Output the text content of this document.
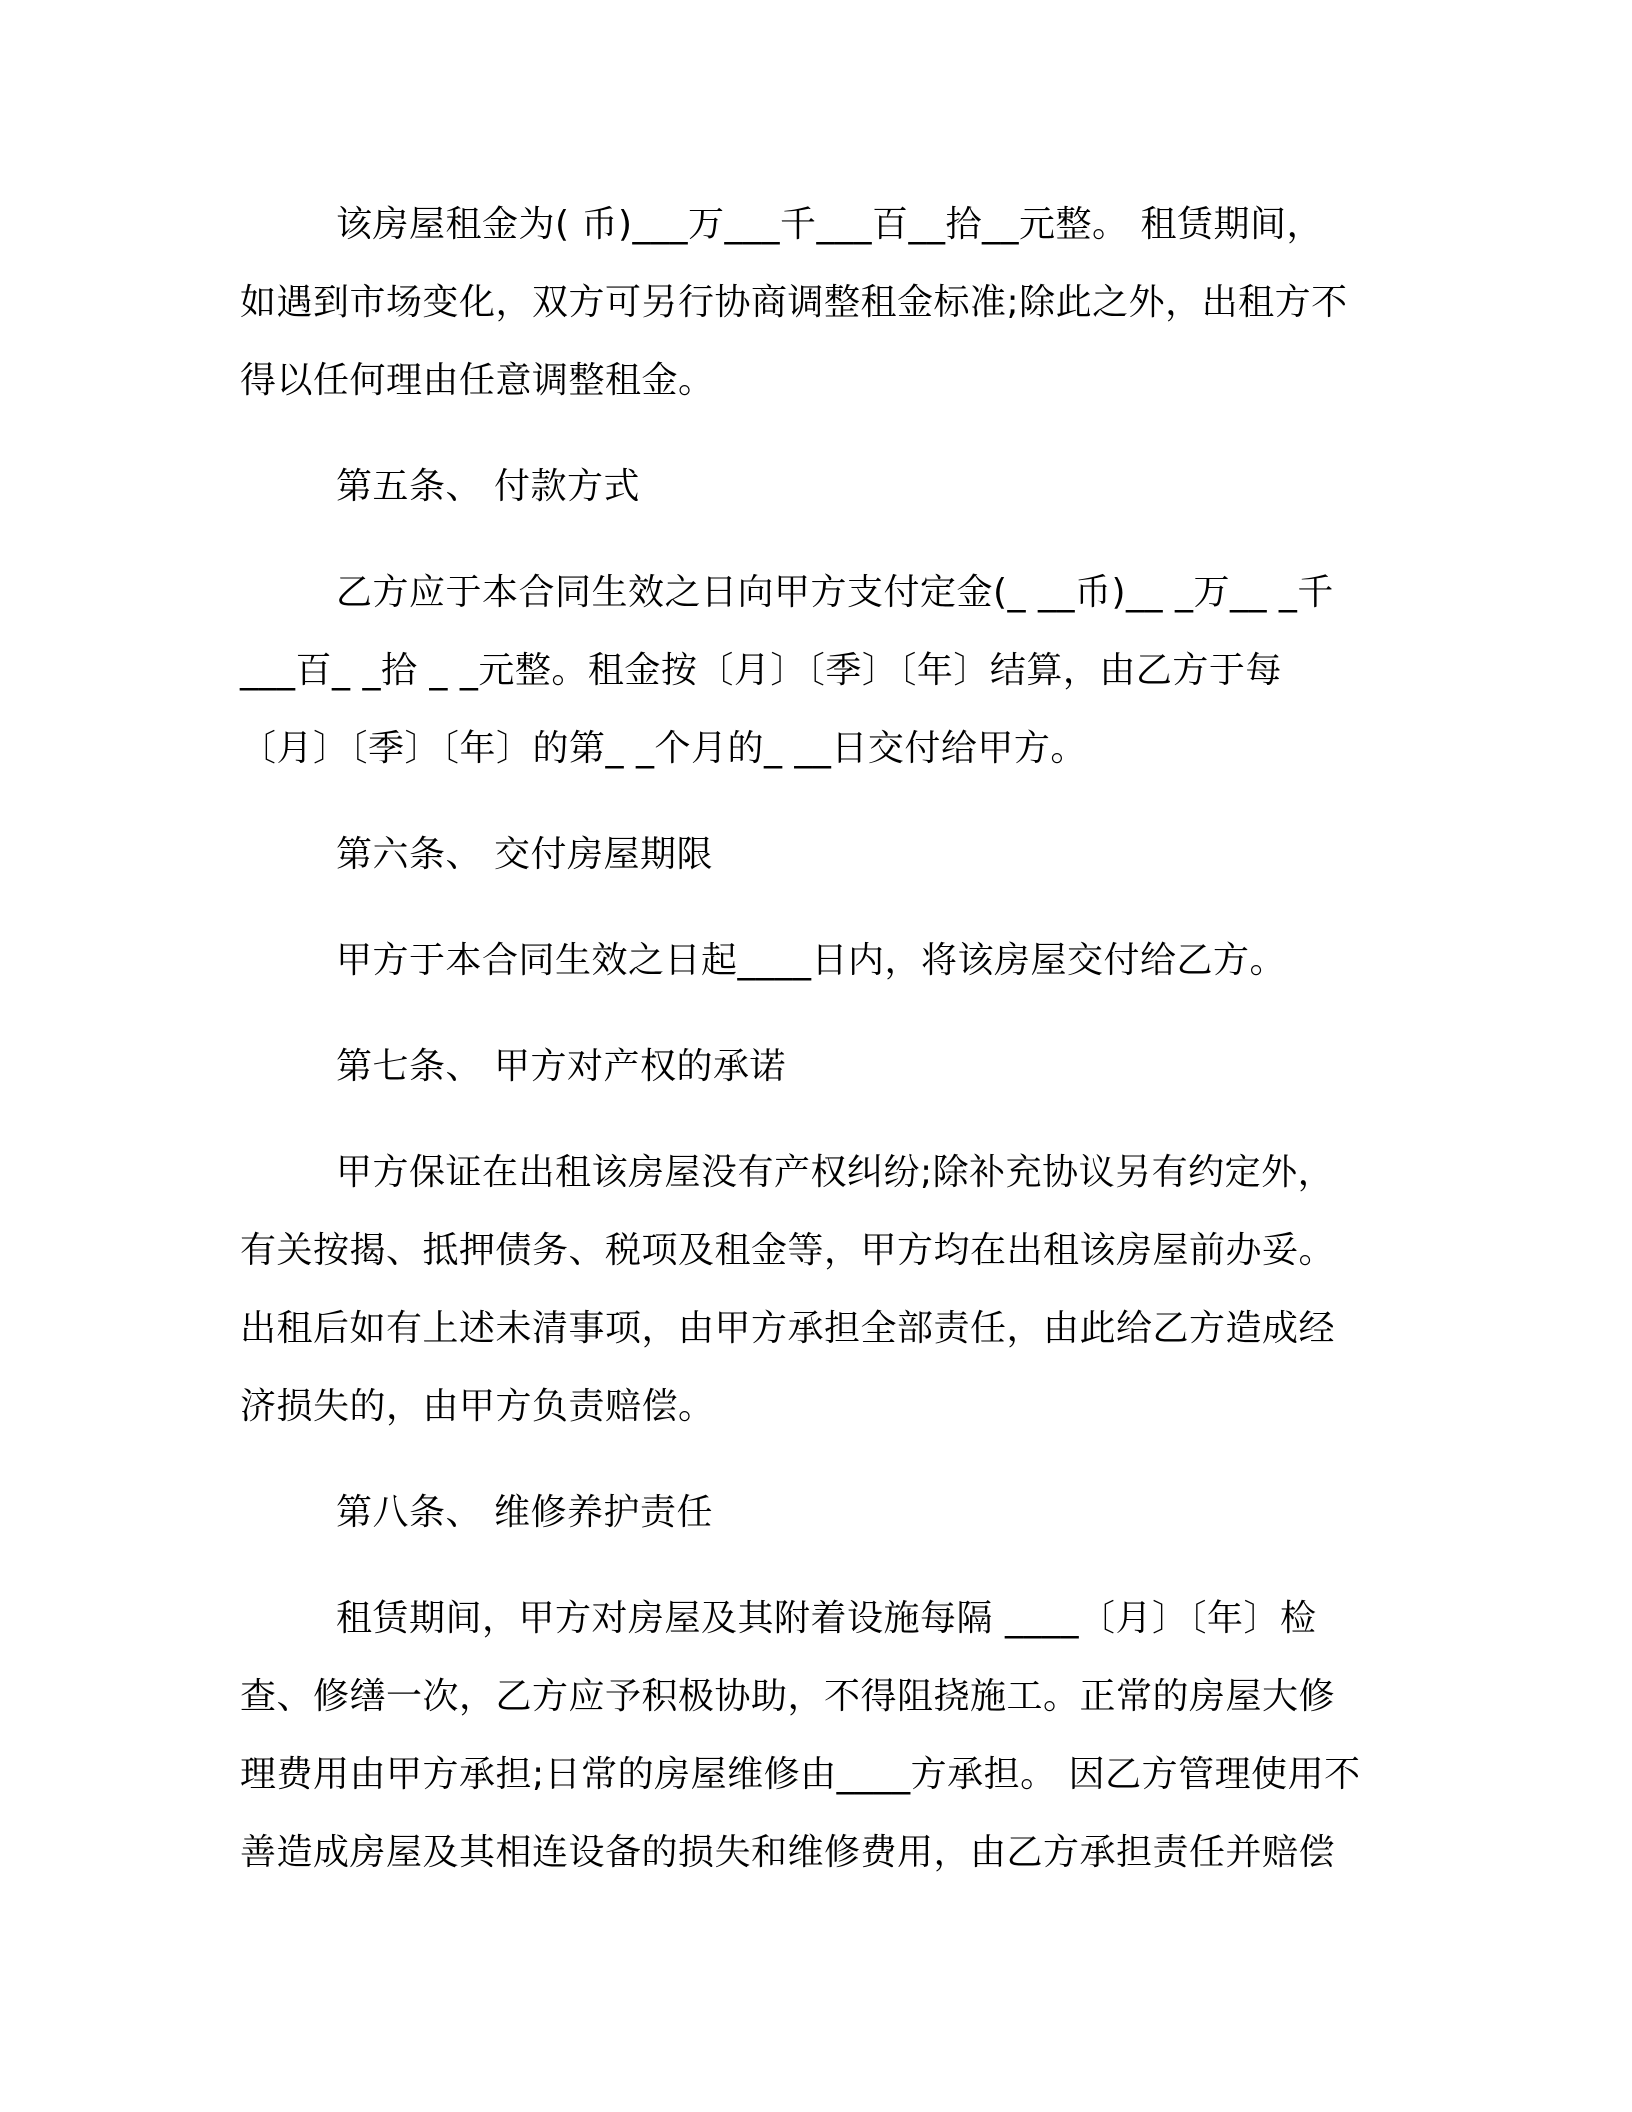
该房屋租金为( 币)___万___千___百__拾__元整。 租赁期间，
如遇到市场变化，双方可另行协商调整租金标准;除此之外，出租方不
得以任何理由任意调整租金。
第五条、 付款方式
乙方应于本合同生效之日向甲方支付定金(_ __币)__ _万__ _千
___百_ _拾 _ _元整。租金按〔月〕〔季〕〔年〕结算，由乙方于每
〔月〕〔季〕〔年〕的第_ _个月的_ __日交付给甲方。
第六条、 交付房屋期限
甲方于本合同生效之日起____日内，将该房屋交付给乙方。
第七条、 甲方对产权的承诺
甲方保证在出租该房屋没有产权纠纷;除补充协议另有约定外，
有关按揭、抵押债务、税项及租金等，甲方均在出租该房屋前办妥。
出租后如有上述未清事项，由甲方承担全部责任，由此给乙方造成经
济损失的，由甲方负责赔偿。
第八条、 维修养护责任
租赁期间，甲方对房屋及其附着设施每隔 ____〔月〕〔年〕检
查、修缮一次，乙方应予积极协助，不得阻挠施工。正常的房屋大修
理费用由甲方承担;日常的房屋维修由____方承担。 因乙方管理使用不
善造成房屋及其相连设备的损失和维修费用，由乙方承担责任并赔偿
